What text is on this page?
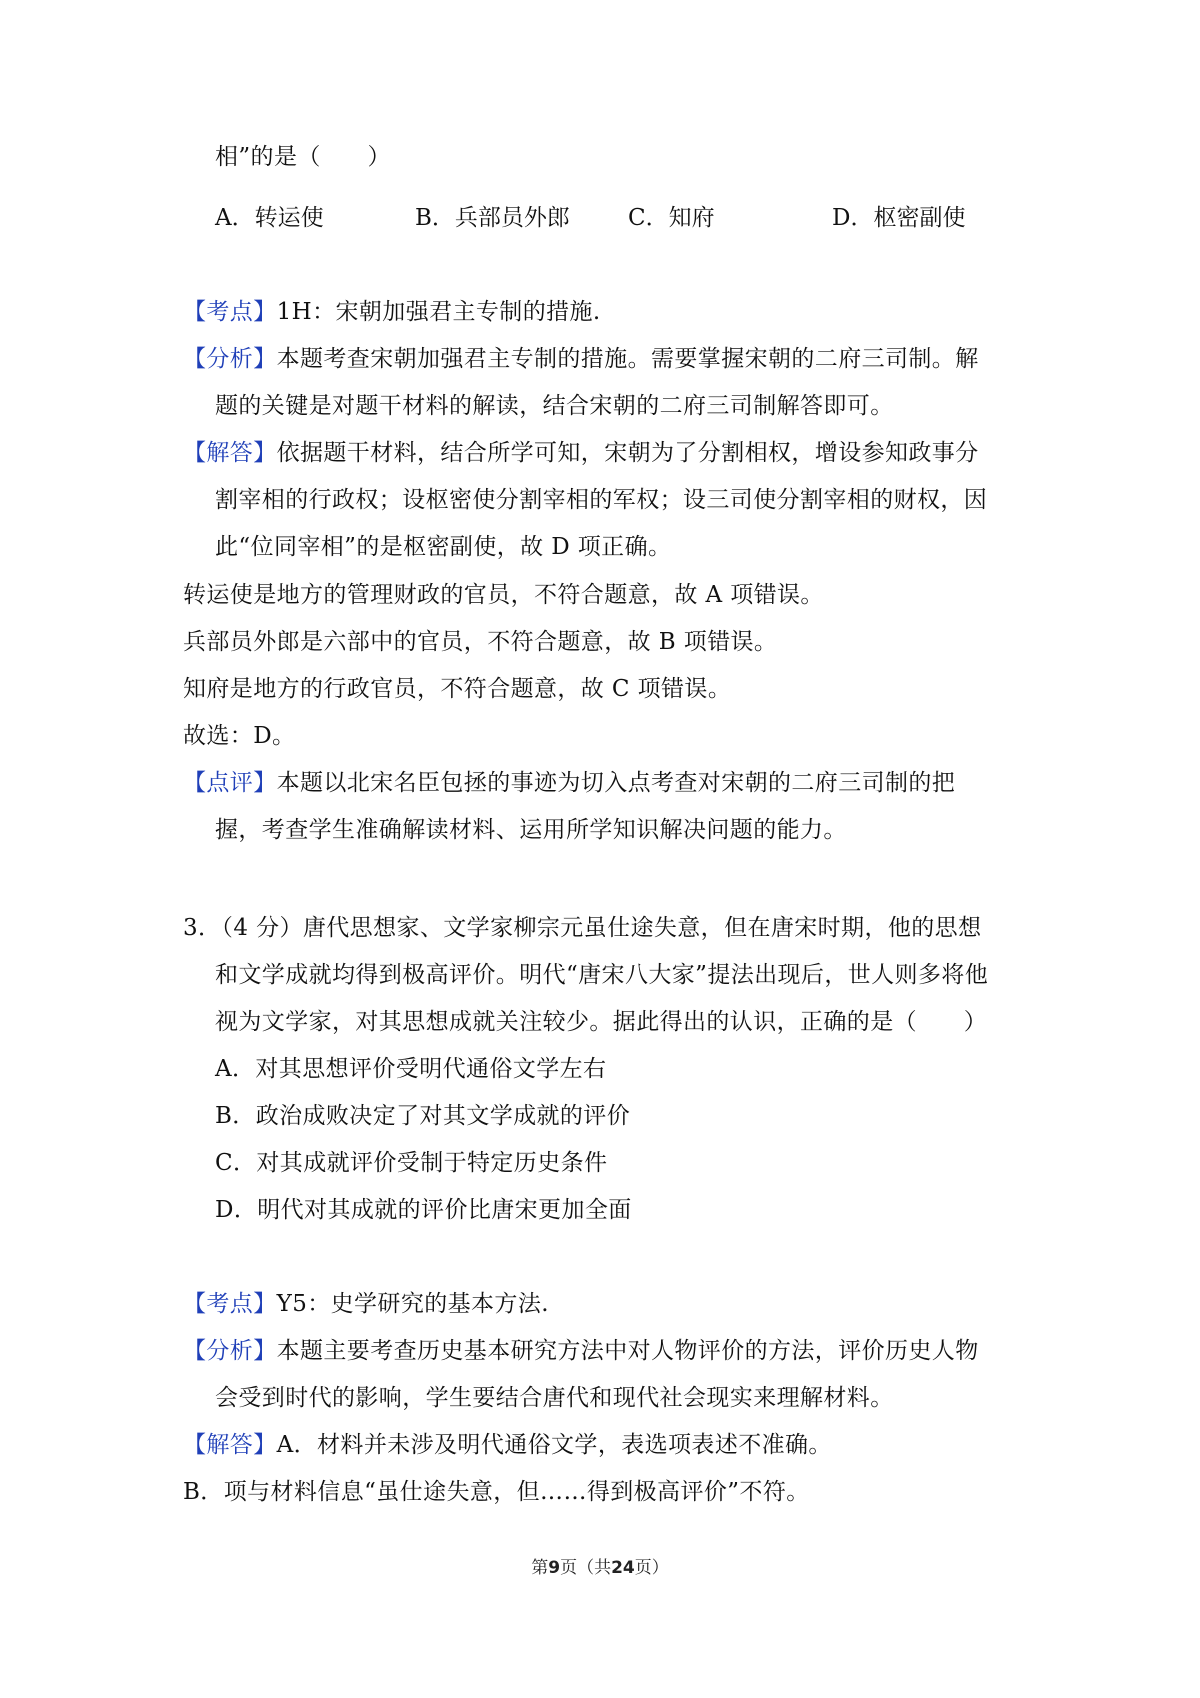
相”的是（　　）
A．转运使	B．兵部员外郎	C．知府	D．枢密副使
【考点】1H：宋朝加强君主专制的措施.
【分析】本题考查宋朝加强君主专制的措施。需要掌握宋朝的二府三司制。解
题的关键是对题干材料的解读，结合宋朝的二府三司制解答即可。
【解答】依据题干材料，结合所学可知，宋朝为了分割相权，增设参知政事分
割宰相的行政权；设枢密使分割宰相的军权；设三司使分割宰相的财权，因
此“位同宰相”的是枢密副使，故 D 项正确。
转运使是地方的管理财政的官员，不符合题意，故 A 项错误。
兵部员外郎是六部中的官员，不符合题意，故 B 项错误。
知府是地方的行政官员，不符合题意，故 C 项错误。
故选：D。
【点评】本题以北宋名臣包拯的事迹为切入点考查对宋朝的二府三司制的把
握，考查学生准确解读材料、运用所学知识解决问题的能力。
3．（4 分）唐代思想家、文学家柳宗元虽仕途失意，但在唐宋时期，他的思想
和文学成就均得到极高评价。明代“唐宋八大家”提法出现后，世人则多将他
视为文学家，对其思想成就关注较少。据此得出的认识，正确的是（　　）
A．对其思想评价受明代通俗文学左右
B．政治成败决定了对其文学成就的评价
C．对其成就评价受制于特定历史条件
D．明代对其成就的评价比唐宋更加全面
【考点】Y5：史学研究的基本方法.
【分析】本题主要考查历史基本研究方法中对人物评价的方法，评价历史人物
会受到时代的影响，学生要结合唐代和现代社会现实来理解材料。
【解答】A．材料并未涉及明代通俗文学，表选项表述不准确。
B．项与材料信息“虽仕途失意，但……得到极高评价”不符。
第9页（共24页）
